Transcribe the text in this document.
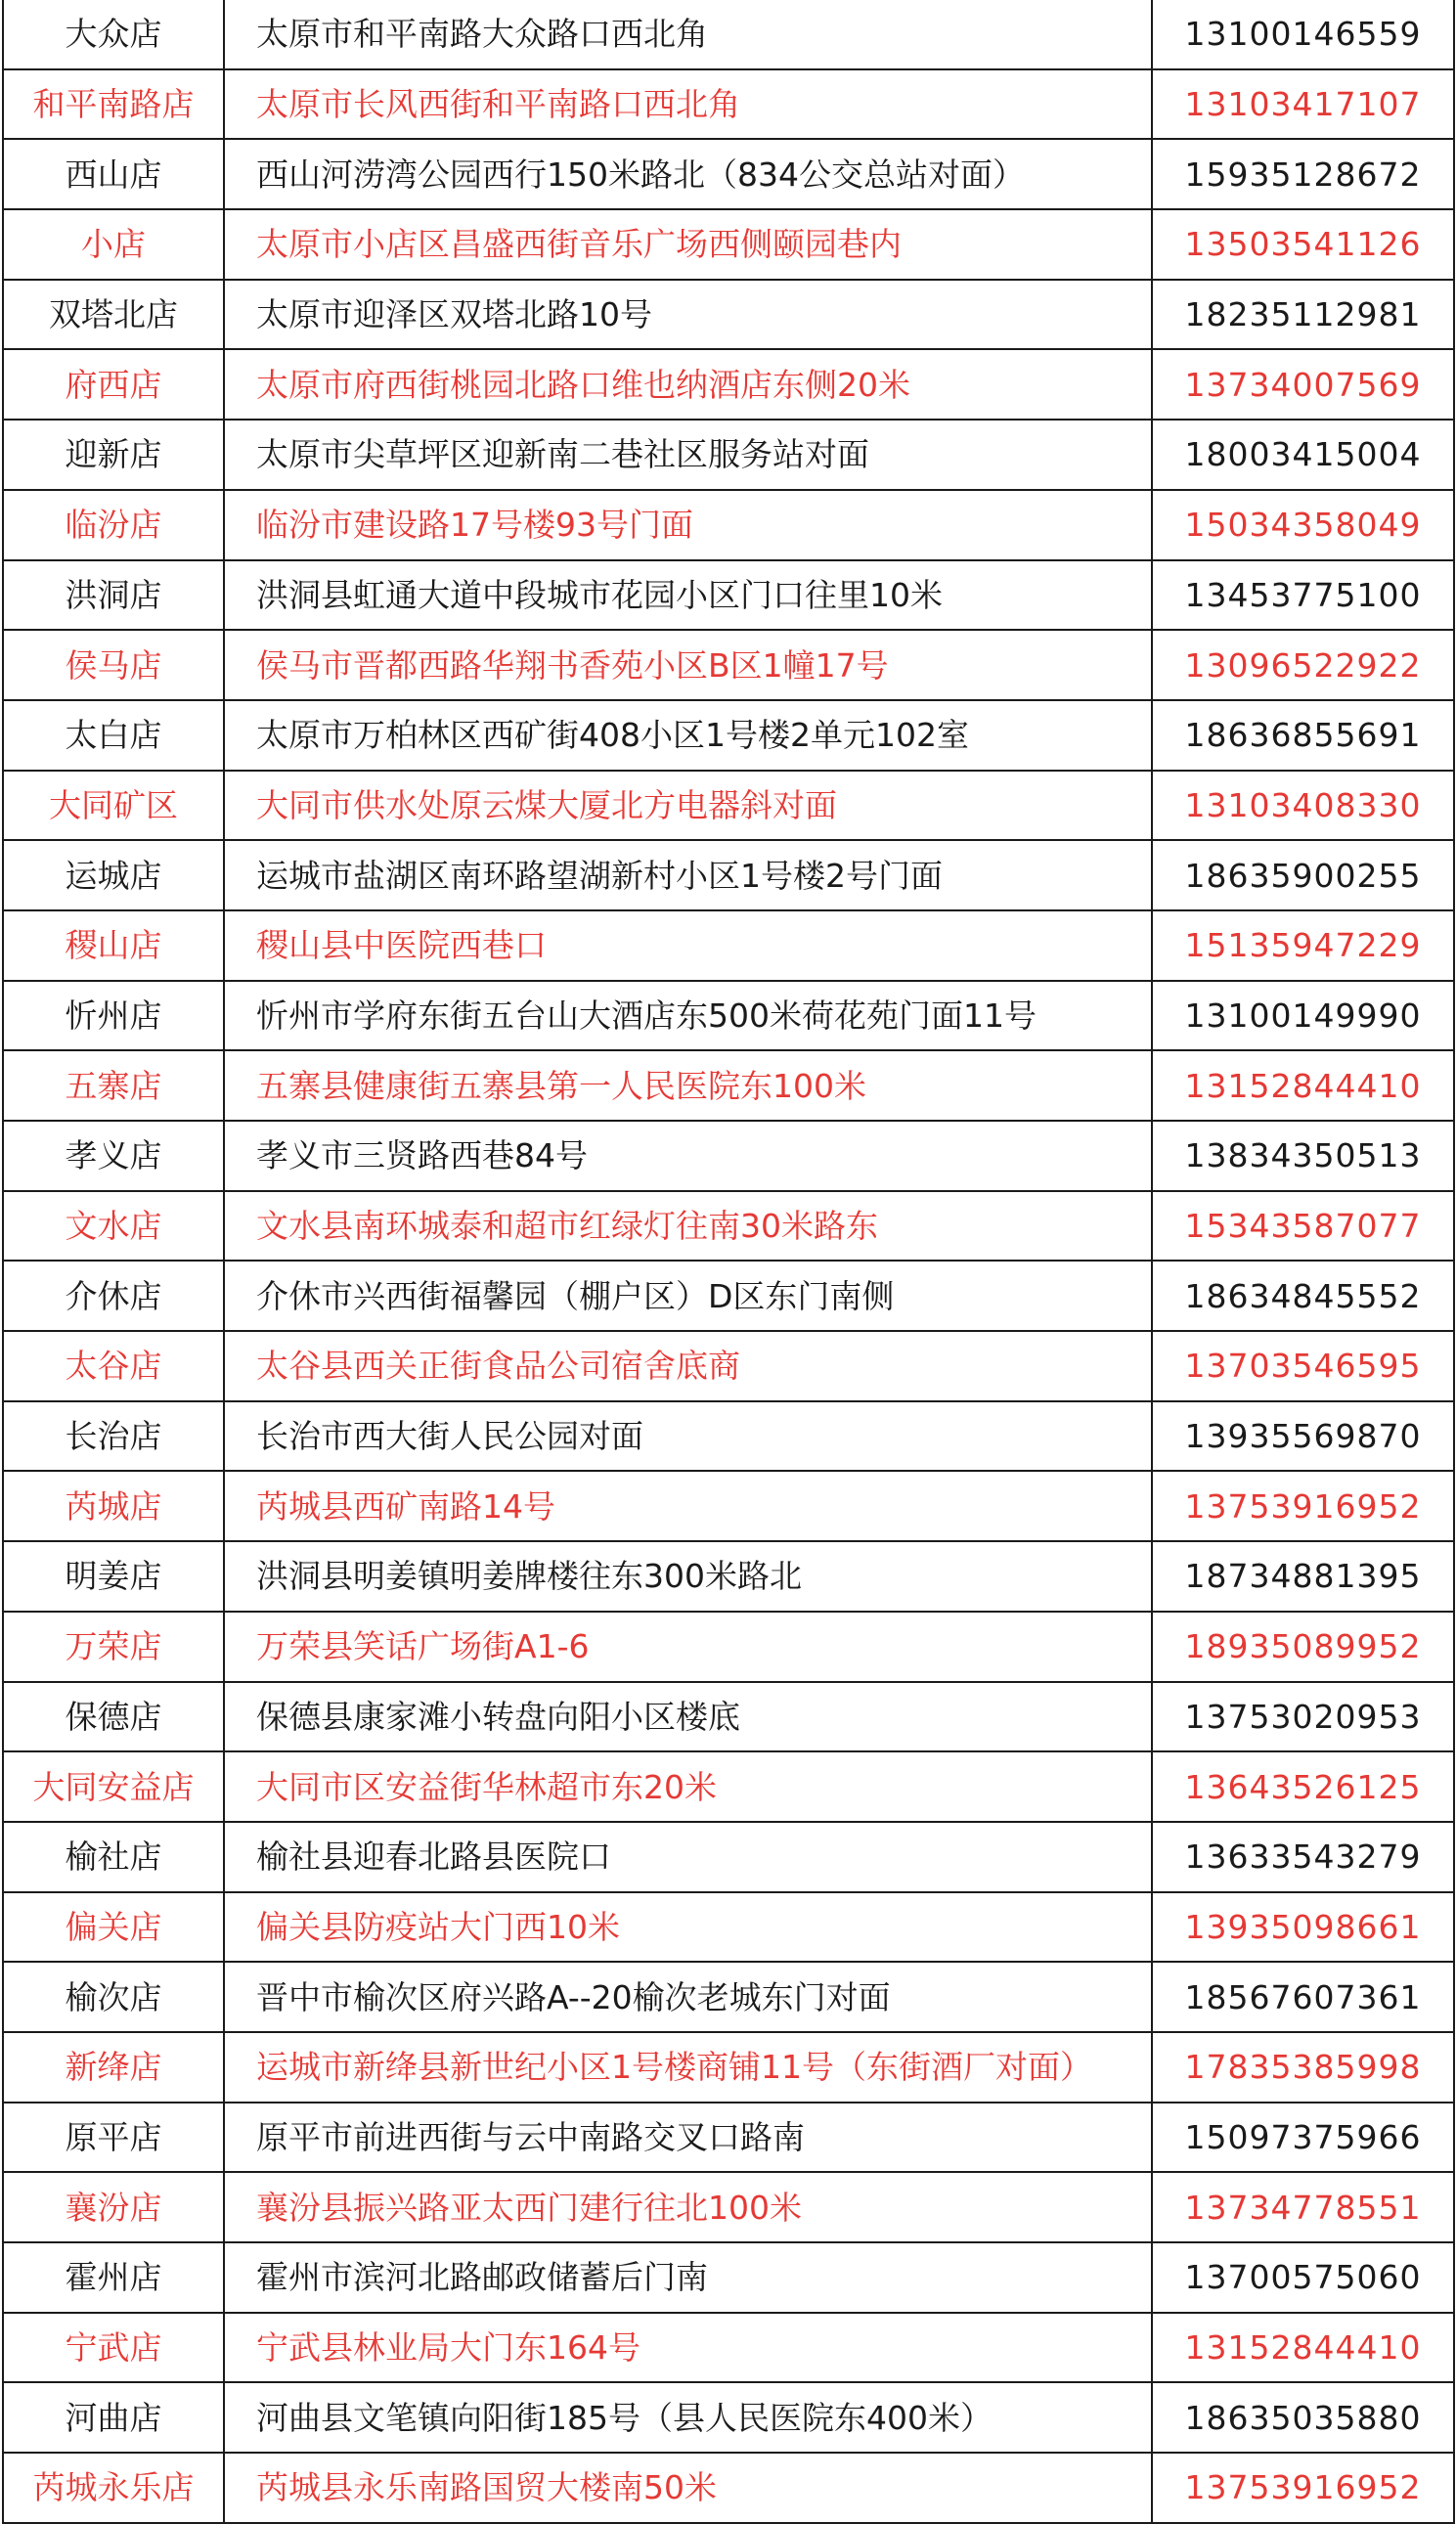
大众店	太原市和平南路大众路口西北角	13100146559
和平南路店	太原市长风西街和平南路口西北角	13103417107
西山店	西山河涝湾公园西行150米路北（834公交总站对面）	15935128672
小店	太原市小店区昌盛西街音乐广场西侧颐园巷内	13503541126
双塔北店	太原市迎泽区双塔北路10号	18235112981
府西店	太原市府西街桃园北路口维也纳酒店东侧20米	13734007569
迎新店	太原市尖草坪区迎新南二巷社区服务站对面	18003415004
临汾店	临汾市建设路17号楼93号门面	15034358049
洪洞店	洪洞县虹通大道中段城市花园小区门口往里10米	13453775100
侯马店	侯马市晋都西路华翔书香苑小区B区1幢17号	13096522922
太白店	太原市万柏林区西矿街408小区1号楼2单元102室	18636855691
大同矿区	大同市供水处原云煤大厦北方电器斜对面	13103408330
运城店	运城市盐湖区南环路望湖新村小区1号楼2号门面	18635900255
稷山店	稷山县中医院西巷口	15135947229
忻州店	忻州市学府东街五台山大酒店东500米荷花苑门面11号	13100149990
五寨店	五寨县健康街五寨县第一人民医院东100米	13152844410
孝义店	孝义市三贤路西巷84号	13834350513
文水店	文水县南环城泰和超市红绿灯往南30米路东	15343587077
介休店	介休市兴西街福馨园（棚户区）D区东门南侧	18634845552
太谷店	太谷县西关正街食品公司宿舍底商	13703546595
长治店	长治市西大街人民公园对面	13935569870
芮城店	芮城县西矿南路14号	13753916952
明姜店	洪洞县明姜镇明姜牌楼往东300米路北	18734881395
万荣店	万荣县笑话广场街A1-6	18935089952
保德店	保德县康家滩小转盘向阳小区楼底	13753020953
大同安益店	大同市区安益街华林超市东20米	13643526125
榆社店	榆社县迎春北路县医院口	13633543279
偏关店	偏关县防疫站大门西10米	13935098661
榆次店	晋中市榆次区府兴路A--20榆次老城东门对面	18567607361
新绛店	运城市新绛县新世纪小区1号楼商铺11号（东街酒厂对面）	17835385998
原平店	原平市前进西街与云中南路交叉口路南	15097375966
襄汾店	襄汾县振兴路亚太西门建行往北100米	13734778551
霍州店	霍州市滨河北路邮政储蓄后门南	13700575060
宁武店	宁武县林业局大门东164号	13152844410
河曲店	河曲县文笔镇向阳街185号（县人民医院东400米）	18635035880
芮城永乐店	芮城县永乐南路国贸大楼南50米	13753916952
